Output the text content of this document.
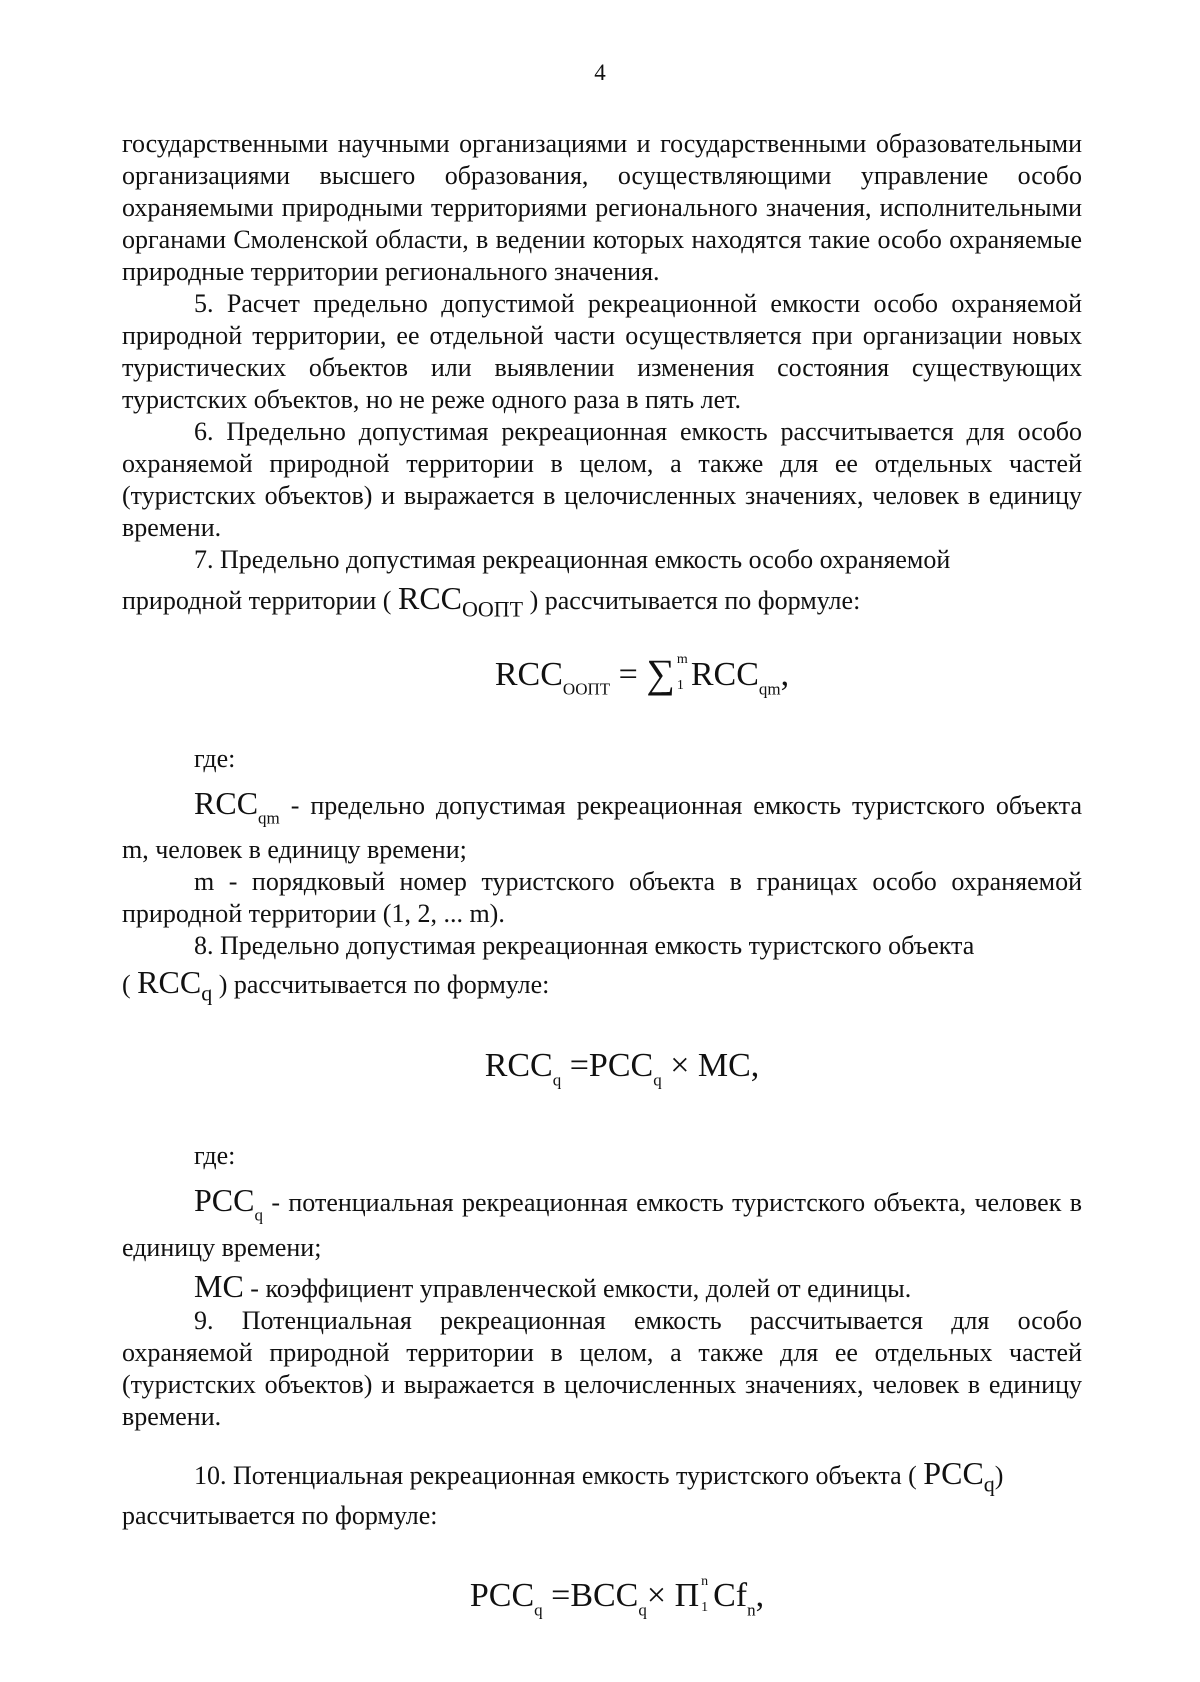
4

государственными научными организациями и государственными образовательными организациями высшего образования, осуществляющими управление особо охраняемыми природными территориями регионального значения, исполнительными органами Смоленской области, в ведении которых находятся такие особо охраняемые природные территории регионального значения.

5. Расчет предельно допустимой рекреационной емкости особо охраняемой природной территории, ее отдельной части осуществляется при организации новых туристических объектов или выявлении изменения состояния существующих туристских объектов, но не реже одного раза в пять лет.

6. Предельно допустимая рекреационная емкость рассчитывается для особо охраняемой природной территории в целом, а также для ее отдельных частей (туристских объектов) и выражается в целочисленных значениях, человек в единицу времени.

7. Предельно допустимая рекреационная емкость особо охраняемой

природной территории ( $RCC_{ООПТ}$ ) рассчитывается по формуле:

$RCC_{ООПТ}$ = ∑ m
1 $RCC_{qm}$,

где:

$RCC_{qm}$ - предельно допустимая рекреационная емкость туристского объекта m, человек в единицу времени;

m - порядковый номер туристского объекта в границах особо охраняемой природной территории (1, 2, ... m).

8. Предельно допустимая рекреационная емкость туристского объекта

( $RCC_q$ ) рассчитывается по формуле:

$RCC_q =PCC_q$ × MC,

где:

$PCC_q$ - потенциальная рекреационная емкость туристского объекта, человек в единицу времени;

MC - коэффициент управленческой емкости, долей от единицы.

9. Потенциальная рекреационная емкость рассчитывается для особо охраняемой природной территории в целом, а также для ее отдельных частей (туристских объектов) и выражается в целочисленных значениях, человек в единицу времени.

10. Потенциальная рекреационная емкость туристского объекта ( $PCC_q$)

рассчитывается по формуле:

$PCC_q =BCC_q\times П$ n
1 $Cf_n$,
